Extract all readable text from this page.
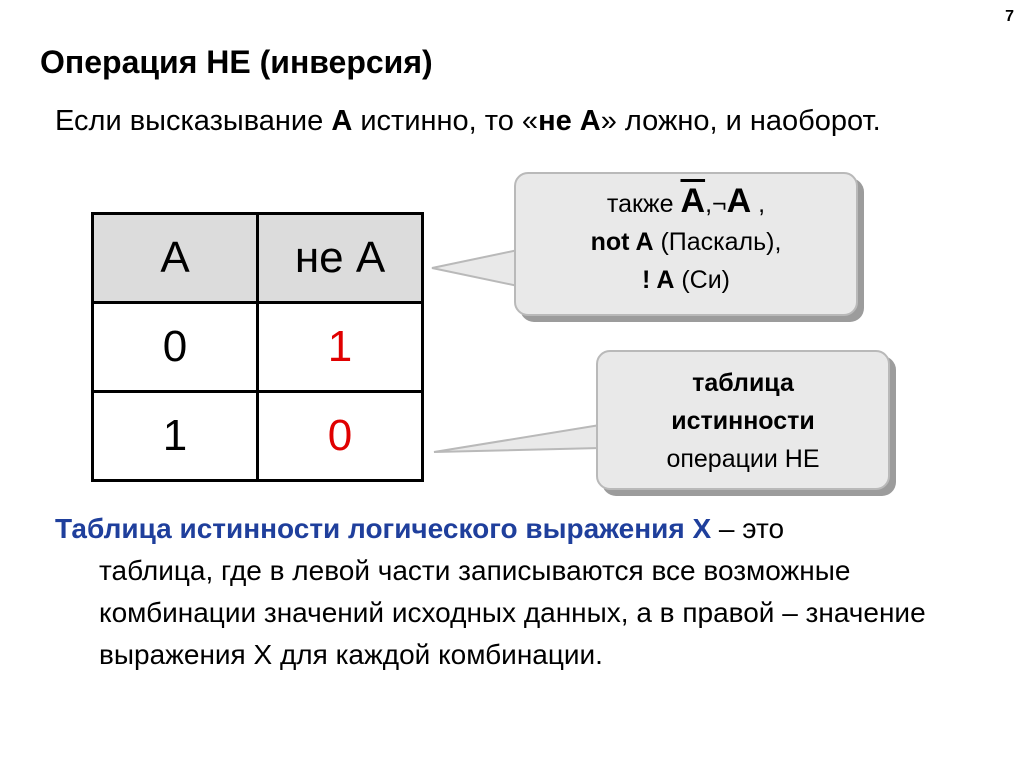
7
Операция НЕ (инверсия)
Если высказывание A истинно, то «не А» ложно, и наоборот.
A	не A
0	1
1	0
также $\overline{A},\neg A$ ,
not A (Паскаль),
! A (Си)
таблица
истинности
операции НЕ
Таблица истинности логического выражения X – это
таблица, где в левой части записываются все возможные комбинации значений исходных данных, а в правой – значение выражения X для каждой комбинации.
